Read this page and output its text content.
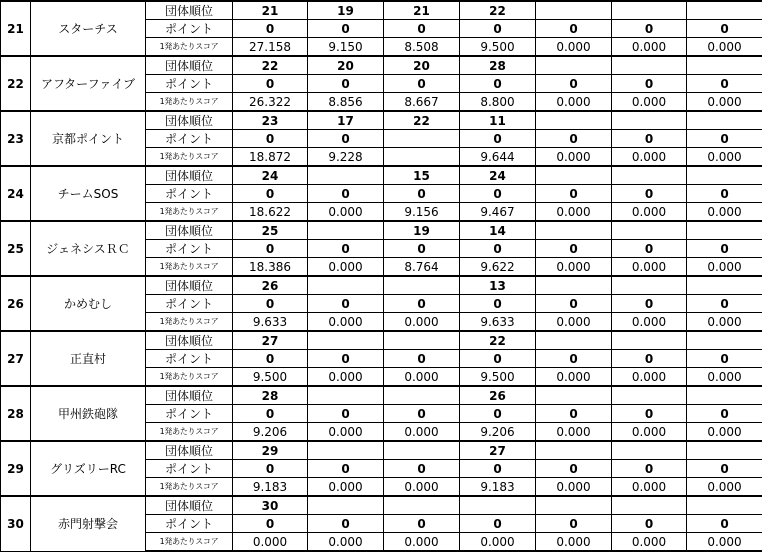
21	スターチス	団体順位	21	19	21	22			
		ポイント	0	0	0	0	0	0	0
		1発あたりスコア	27.158	9.150	8.508	9.500	0.000	0.000	0.000
22	アフターファイブ	団体順位	22	20	20	28			
		ポイント	0	0	0	0	0	0	0
		1発あたりスコア	26.322	8.856	8.667	8.800	0.000	0.000	0.000
23	京都ポイント	団体順位	23	17	22	11			
		ポイント	0	0		0	0	0	0
		1発あたりスコア	18.872	9.228		9.644	0.000	0.000	0.000
24	チームSOS	団体順位	24		15	24			
		ポイント	0	0	0	0	0	0	0
		1発あたりスコア	18.622	0.000	9.156	9.467	0.000	0.000	0.000
25	ジェネシスＲＣ	団体順位	25		19	14			
		ポイント	0	0	0	0	0	0	0
		1発あたりスコア	18.386	0.000	8.764	9.622	0.000	0.000	0.000
26	かめむし	団体順位	26			13			
		ポイント	0	0	0	0	0	0	0
		1発あたりスコア	9.633	0.000	0.000	9.633	0.000	0.000	0.000
27	正直村	団体順位	27			22			
		ポイント	0	0	0	0	0	0	0
		1発あたりスコア	9.500	0.000	0.000	9.500	0.000	0.000	0.000
28	甲州鉄砲隊	団体順位	28			26			
		ポイント	0	0	0	0	0	0	0
		1発あたりスコア	9.206	0.000	0.000	9.206	0.000	0.000	0.000
29	グリズリーRC	団体順位	29			27			
		ポイント	0	0	0	0	0	0	0
		1発あたりスコア	9.183	0.000	0.000	9.183	0.000	0.000	0.000
30	赤門射撃会	団体順位	30						
		ポイント	0	0	0	0	0	0	0
		1発あたりスコア	0.000	0.000	0.000	0.000	0.000	0.000	0.000
